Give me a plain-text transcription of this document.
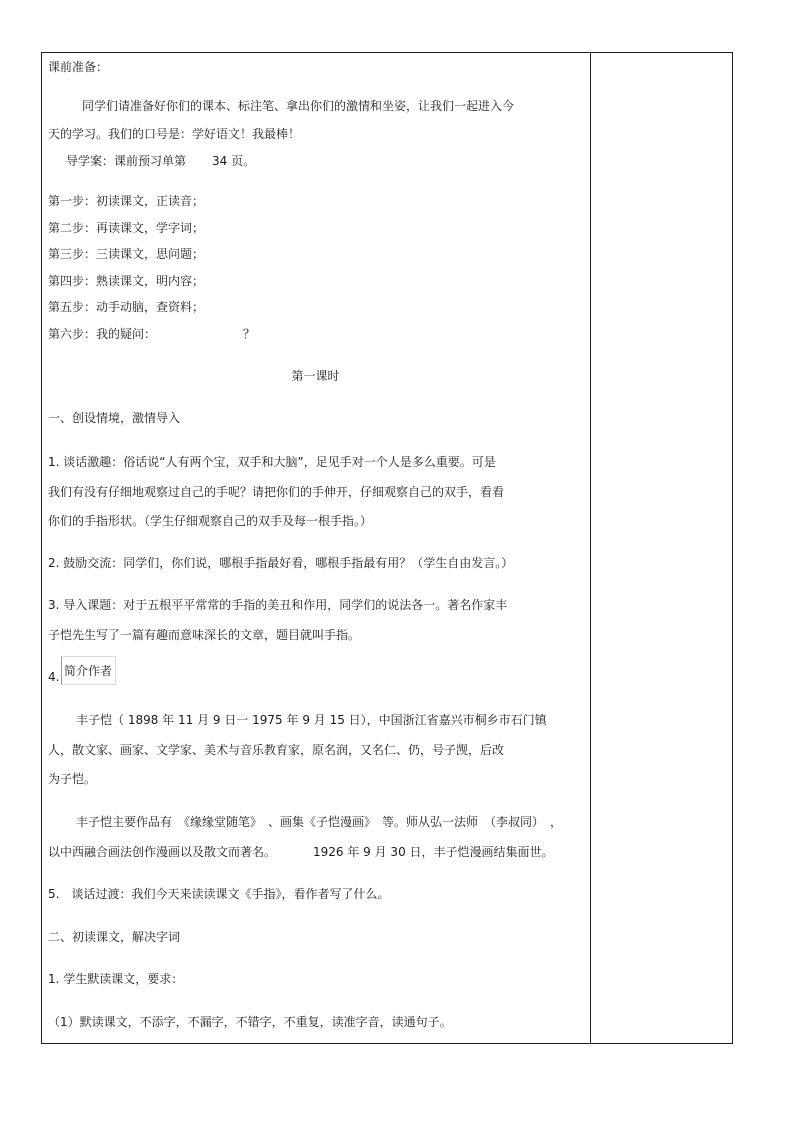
课前准备：

同学们请准备好你们的课本、标注笔、拿出你们的激情和坐姿，让我们一起进入今

天的学习。我们的口号是：学好语文！我最棒！

导学案：课前预习单第 34 页。

第一步：初读课文，正读音；

第二步：再读课文，学字词；

第三步：三读课文，思问题；

第四步：熟读课文，明内容；

第五步：动手动脑，查资料；

第六步：我的疑问：	？

第一课时

一、创设情境，激情导入

1. 谈话激趣：俗话说“人有两个宝，双手和大脑”，足见手对一个人是多么重要。可是

我们有没有仔细地观察过自己的手呢？请把你们的手伸开，仔细观察自己的双手，看看

你们的手指形状。（学生仔细观察自己的双手及每一根手指。）

2. 鼓励交流：同学们，你们说，哪根手指最好看，哪根手指最有用？（学生自由发言。）

3. 导入课题：对于五根平平常常的手指的美丑和作用，同学们的说法各一。著名作家丰

子恺先生写了一篇有趣而意味深长的文章，题目就叫手指。

4. 简介作者

丰子恺（ 1898 年 11 月 9 日一 1975 年 9 月 15 日），中国浙江省嘉兴市桐乡市石门镇

人，散文家、画家、文学家、美术与音乐教育家，原名润，又名仁、仍，号子觊，后改

为子恺。

丰子恺主要作品有　《缘缘堂随笔》　、画集《子恺漫画》　等。师从弘一法师　（李叔同）　，

以中西融合画法创作漫画以及散文而著名。	1926 年 9 月 30 日，丰子恺漫画结集面世。

5.　谈话过渡：我们今天来读读课文《手指》，看作者写了什么。

二、初读课文，解决字词

1. 学生默读课文，要求：

（1）默读课文，不添字，不漏字，不错字，不重复，读准字音，读通句子。
